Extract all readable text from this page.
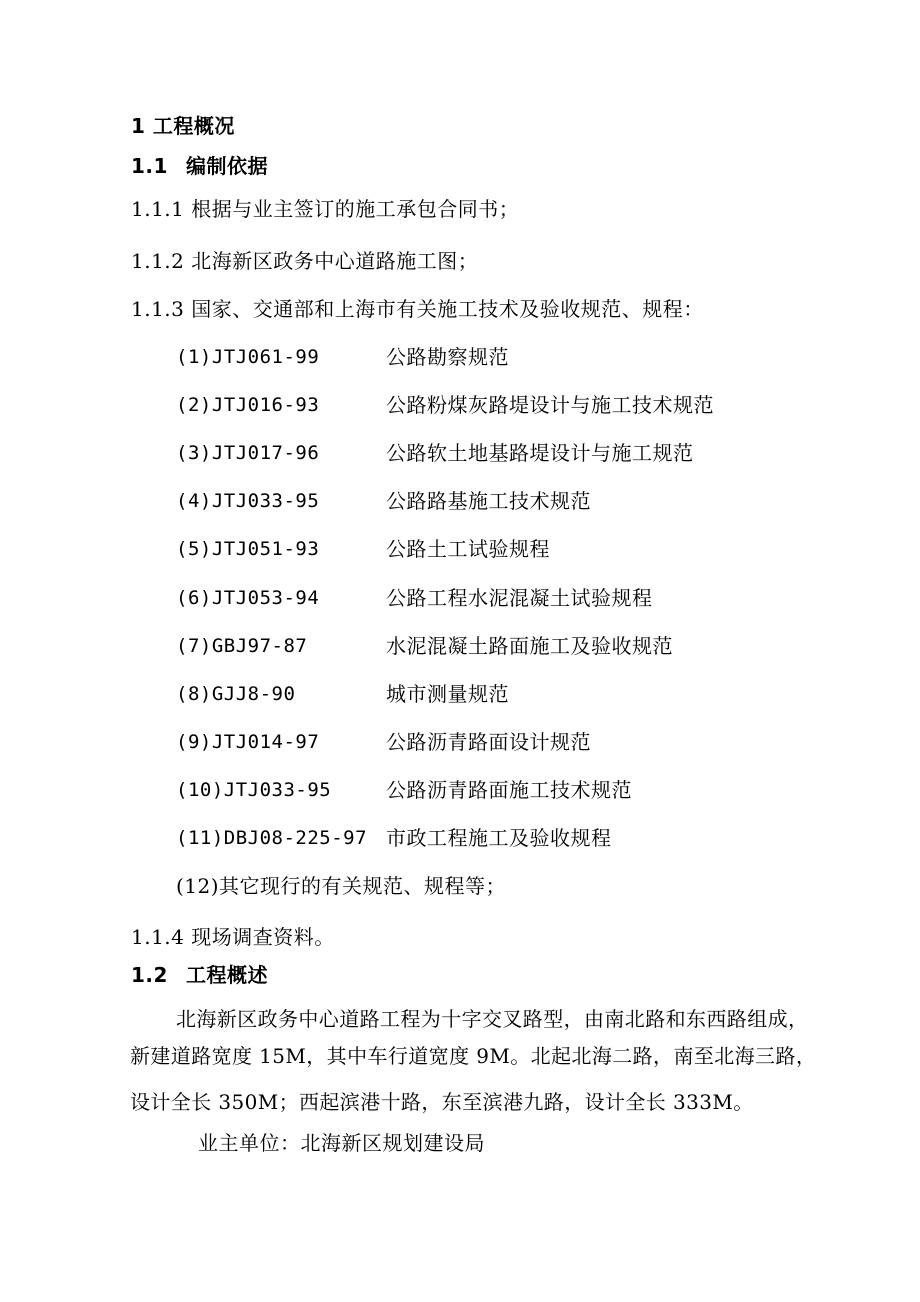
1 工程概况
1.1 编制依据
1.1.1 根据与业主签订的施工承包合同书；
1.1.2 北海新区政务中心道路施工图；
1.1.3 国家、交通部和上海市有关施工技术及验收规范、规程：
(1)JTJ061-99	公路勘察规范
(2)JTJ016-93	公路粉煤灰路堤设计与施工技术规范
(3)JTJ017-96	公路软土地基路堤设计与施工规范
(4)JTJ033-95	公路路基施工技术规范
(5)JTJ051-93	公路土工试验规程
(6)JTJ053-94	公路工程水泥混凝土试验规程
(7)GBJ97-87	水泥混凝土路面施工及验收规范
(8)GJJ8-90	城市测量规范
(9)JTJ014-97	公路沥青路面设计规范
(10)JTJ033-95	公路沥青路面施工技术规范
(11)DBJ08-225-97 市政工程施工及验收规程
(12)其它现行的有关规范、规程等；
1.1.4 现场调查资料。
1.2 工程概述
北海新区政务中心道路工程为十字交叉路型，由南北路和东西路组成，
新建道路宽度 15M，其中车行道宽度 9M。北起北海二路，南至北海三路，
设计全长 350M；西起滨港十路，东至滨港九路，设计全长 333M。
业主单位：北海新区规划建设局
